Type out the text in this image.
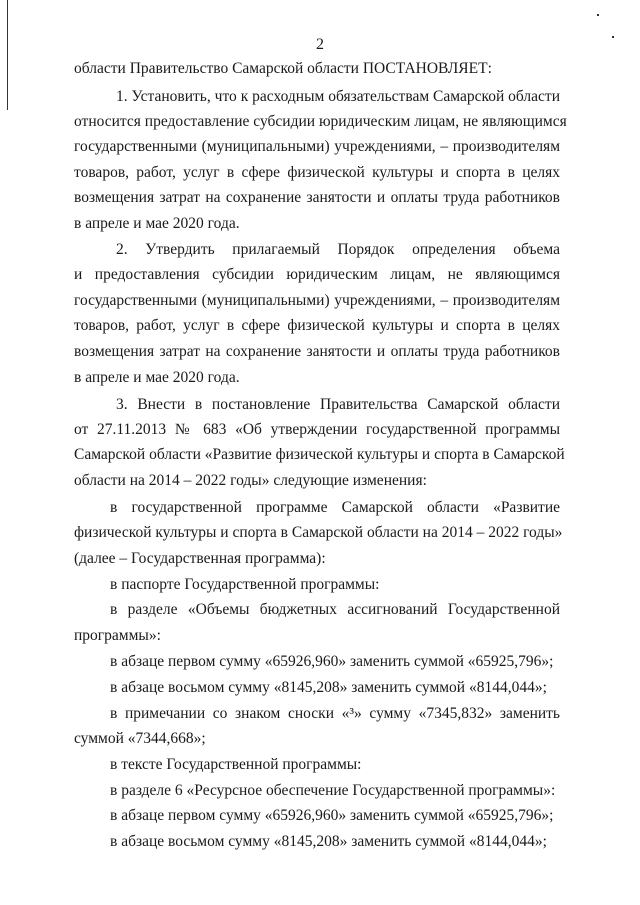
2
области Правительство Самарской области ПОСТАНОВЛЯЕТ:
1. Установить, что к расходным обязательствам Самарской области
относится предоставление субсидии юридическим лицам, не являющимся
государственными (муниципальными) учреждениями, – производителям
товаров, работ, услуг в сфере физической культуры и спорта в целях
возмещения затрат на сохранение занятости и оплаты труда работников
в апреле и мае 2020 года.
2. Утвердить прилагаемый Порядок определения объема
и предоставления субсидии юридическим лицам, не являющимся
государственными (муниципальными) учреждениями, – производителям
товаров, работ, услуг в сфере физической культуры и спорта в целях
возмещения затрат на сохранение занятости и оплаты труда работников
в апреле и мае 2020 года.
3. Внести в постановление Правительства Самарской области
от 27.11.2013 № 683 «Об утверждении государственной программы
Самарской области «Развитие физической культуры и спорта в Самарской
области на 2014 – 2022 годы» следующие изменения:
в государственной программе Самарской области «Развитие
физической культуры и спорта в Самарской области на 2014 – 2022 годы»
(далее – Государственная программа):
в паспорте Государственной программы:
в разделе «Объемы бюджетных ассигнований Государственной
программы»:
в абзаце первом сумму «65926,960» заменить суммой «65925,796»;
в абзаце восьмом сумму «8145,208» заменить суммой «8144,044»;
в примечании со знаком сноски «³» сумму «7345,832» заменить
суммой «7344,668»;
в тексте Государственной программы:
в разделе 6 «Ресурсное обеспечение Государственной программы»:
в абзаце первом сумму «65926,960» заменить суммой «65925,796»;
в абзаце восьмом сумму «8145,208» заменить суммой «8144,044»;
